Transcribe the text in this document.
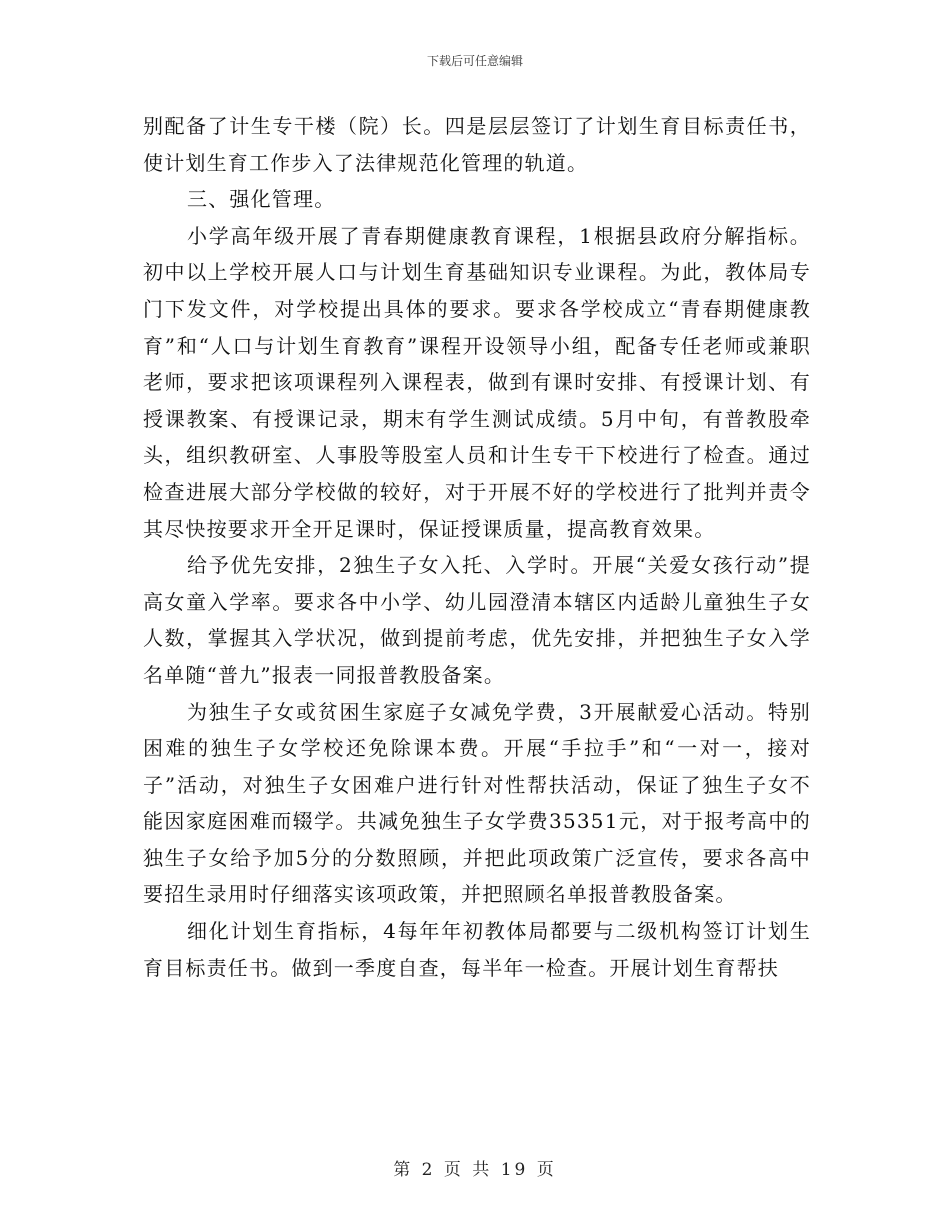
下载后可任意编辑

别配备了计生专干楼（院）长。四是层层签订了计划生育目标责任书，使计划生育工作步入了法律规范化管理的轨道。

三、强化管理。

小学高年级开展了青春期健康教育课程，1根据县政府分解指标。初中以上学校开展人口与计划生育基础知识专业课程。为此，教体局专门下发文件，对学校提出具体的要求。要求各学校成立“青春期健康教育”和“人口与计划生育教育”课程开设领导小组，配备专任老师或兼职老师，要求把该项课程列入课程表，做到有课时安排、有授课计划、有授课教案、有授课记录，期末有学生测试成绩。5月中旬，有普教股牵头，组织教研室、人事股等股室人员和计生专干下校进行了检查。通过检查进展大部分学校做的较好，对于开展不好的学校进行了批判并责令其尽快按要求开全开足课时，保证授课质量，提高教育效果。

给予优先安排，2独生子女入托、入学时。开展“关爱女孩行动”提高女童入学率。要求各中小学、幼儿园澄清本辖区内适龄儿童独生子女人数，掌握其入学状况，做到提前考虑，优先安排，并把独生子女入学名单随“普九”报表一同报普教股备案。

为独生子女或贫困生家庭子女减免学费，3开展献爱心活动。特别困难的独生子女学校还免除课本费。开展“手拉手”和“一对一，接对子”活动，对独生子女困难户进行针对性帮扶活动，保证了独生子女不能因家庭困难而辍学。共减免独生子女学费35351元，对于报考高中的独生子女给予加5分的分数照顾，并把此项政策广泛宣传，要求各高中要招生录用时仔细落实该项政策，并把照顾名单报普教股备案。

细化计划生育指标，4每年年初教体局都要与二级机构签订计划生育目标责任书。做到一季度自查，每半年一检查。开展计划生育帮扶

第 2 页 共 19 页
